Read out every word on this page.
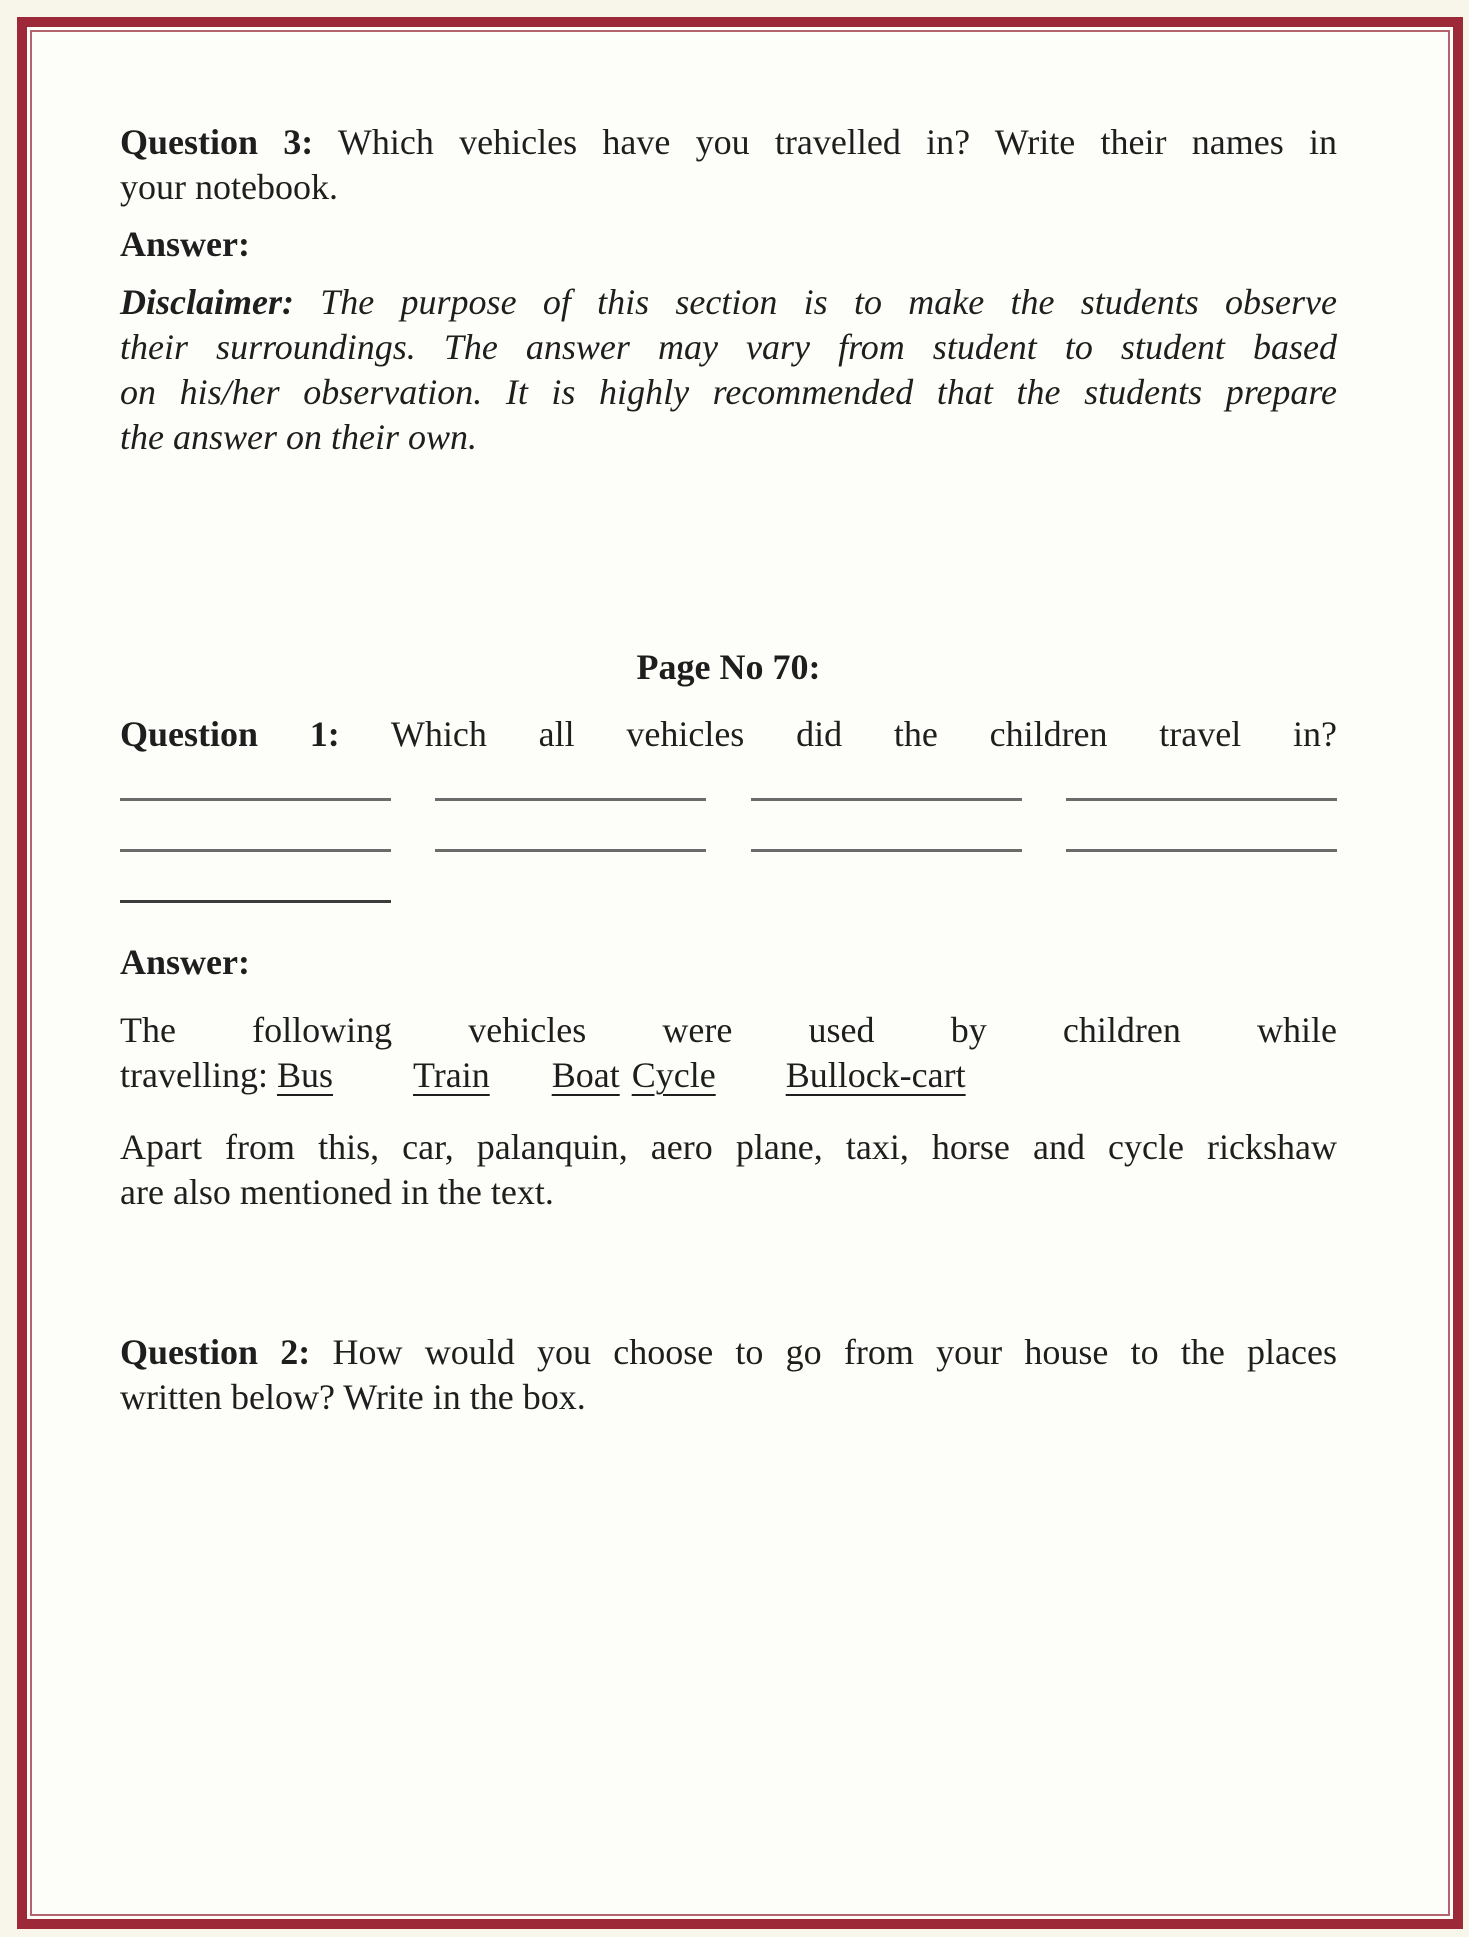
Question 3: Which vehicles have you travelled in? Write their names in
your notebook.
Answer:
Disclaimer: The purpose of this section is to make the students observe
their surroundings. The answer may vary from student to student based
on his/her observation. It is highly recommended that the students prepare
the answer on their own.
Page No 70:
Question 1: Which all vehicles did the children travel in?
Answer:
The following vehicles were used by children while
travelling: Bus Train Boat Cycle Bullock-cart
Apart from this, car, palanquin, aero plane, taxi, horse and cycle rickshaw
are also mentioned in the text.
Question 2: How would you choose to go from your house to the places
written below? Write in the box.
